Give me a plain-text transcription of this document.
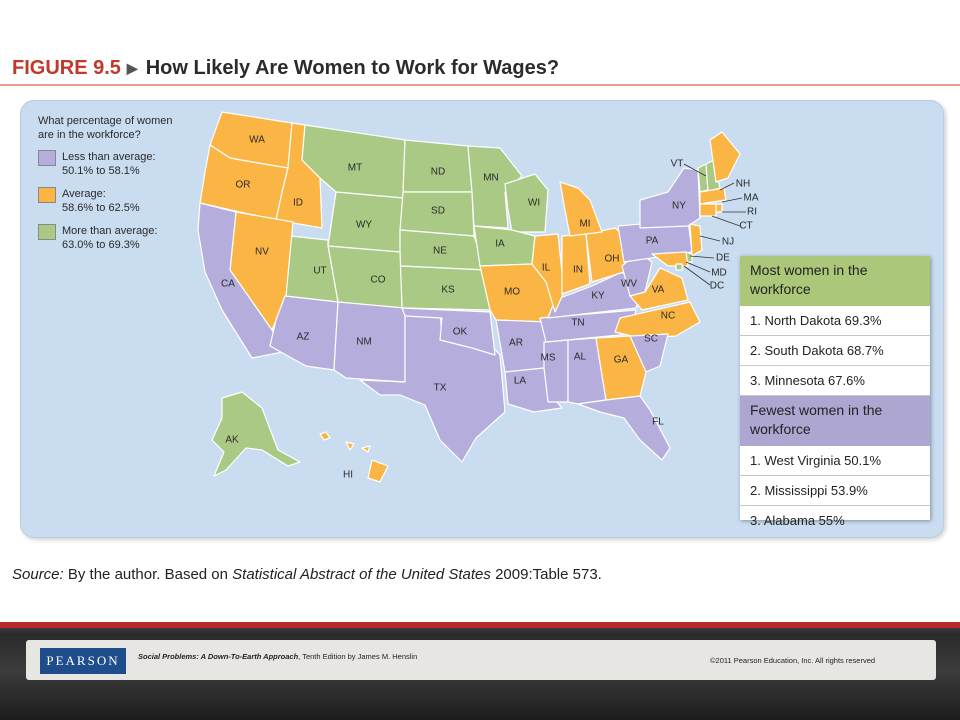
FIGURE 9.5 ▶ How Likely Are Women to Work for Wages?
What percentage of women
are in the workforce?
Less than average:
50.1% to 58.1%
Average:
58.6% to 62.5%
More than average:
63.0% to 69.3%
WA
OR
ID
MT
WY
ND
SD
NE
KS
MN
WI
IA
CO
UT
NV
CA
AZ	NM
TX
OK
MO
AR
LA
MS AL
TN
KY
IL IN
OH
MI
WV
VA
NC
SC
GA
FL
PA
NY
NJ
DE
MD
DC
VT
NH
MA
RI
CT
AK
HI
Most women in the
workforce
1. North Dakota 69.3%
2. South Dakota 68.7%
3. Minnesota 67.6%
Fewest women in the
workforce
1. West Virginia 50.1%
2. Mississippi 53.9%
3. Alabama 55%
Source: By the author. Based on Statistical Abstract of the United States 2009:Table 573.
PEARSON Social Problems: A Down-To-Earth Approach, Tenth Edition by James M. Henslin	©2011 Pearson Education, Inc. All rights reserved
